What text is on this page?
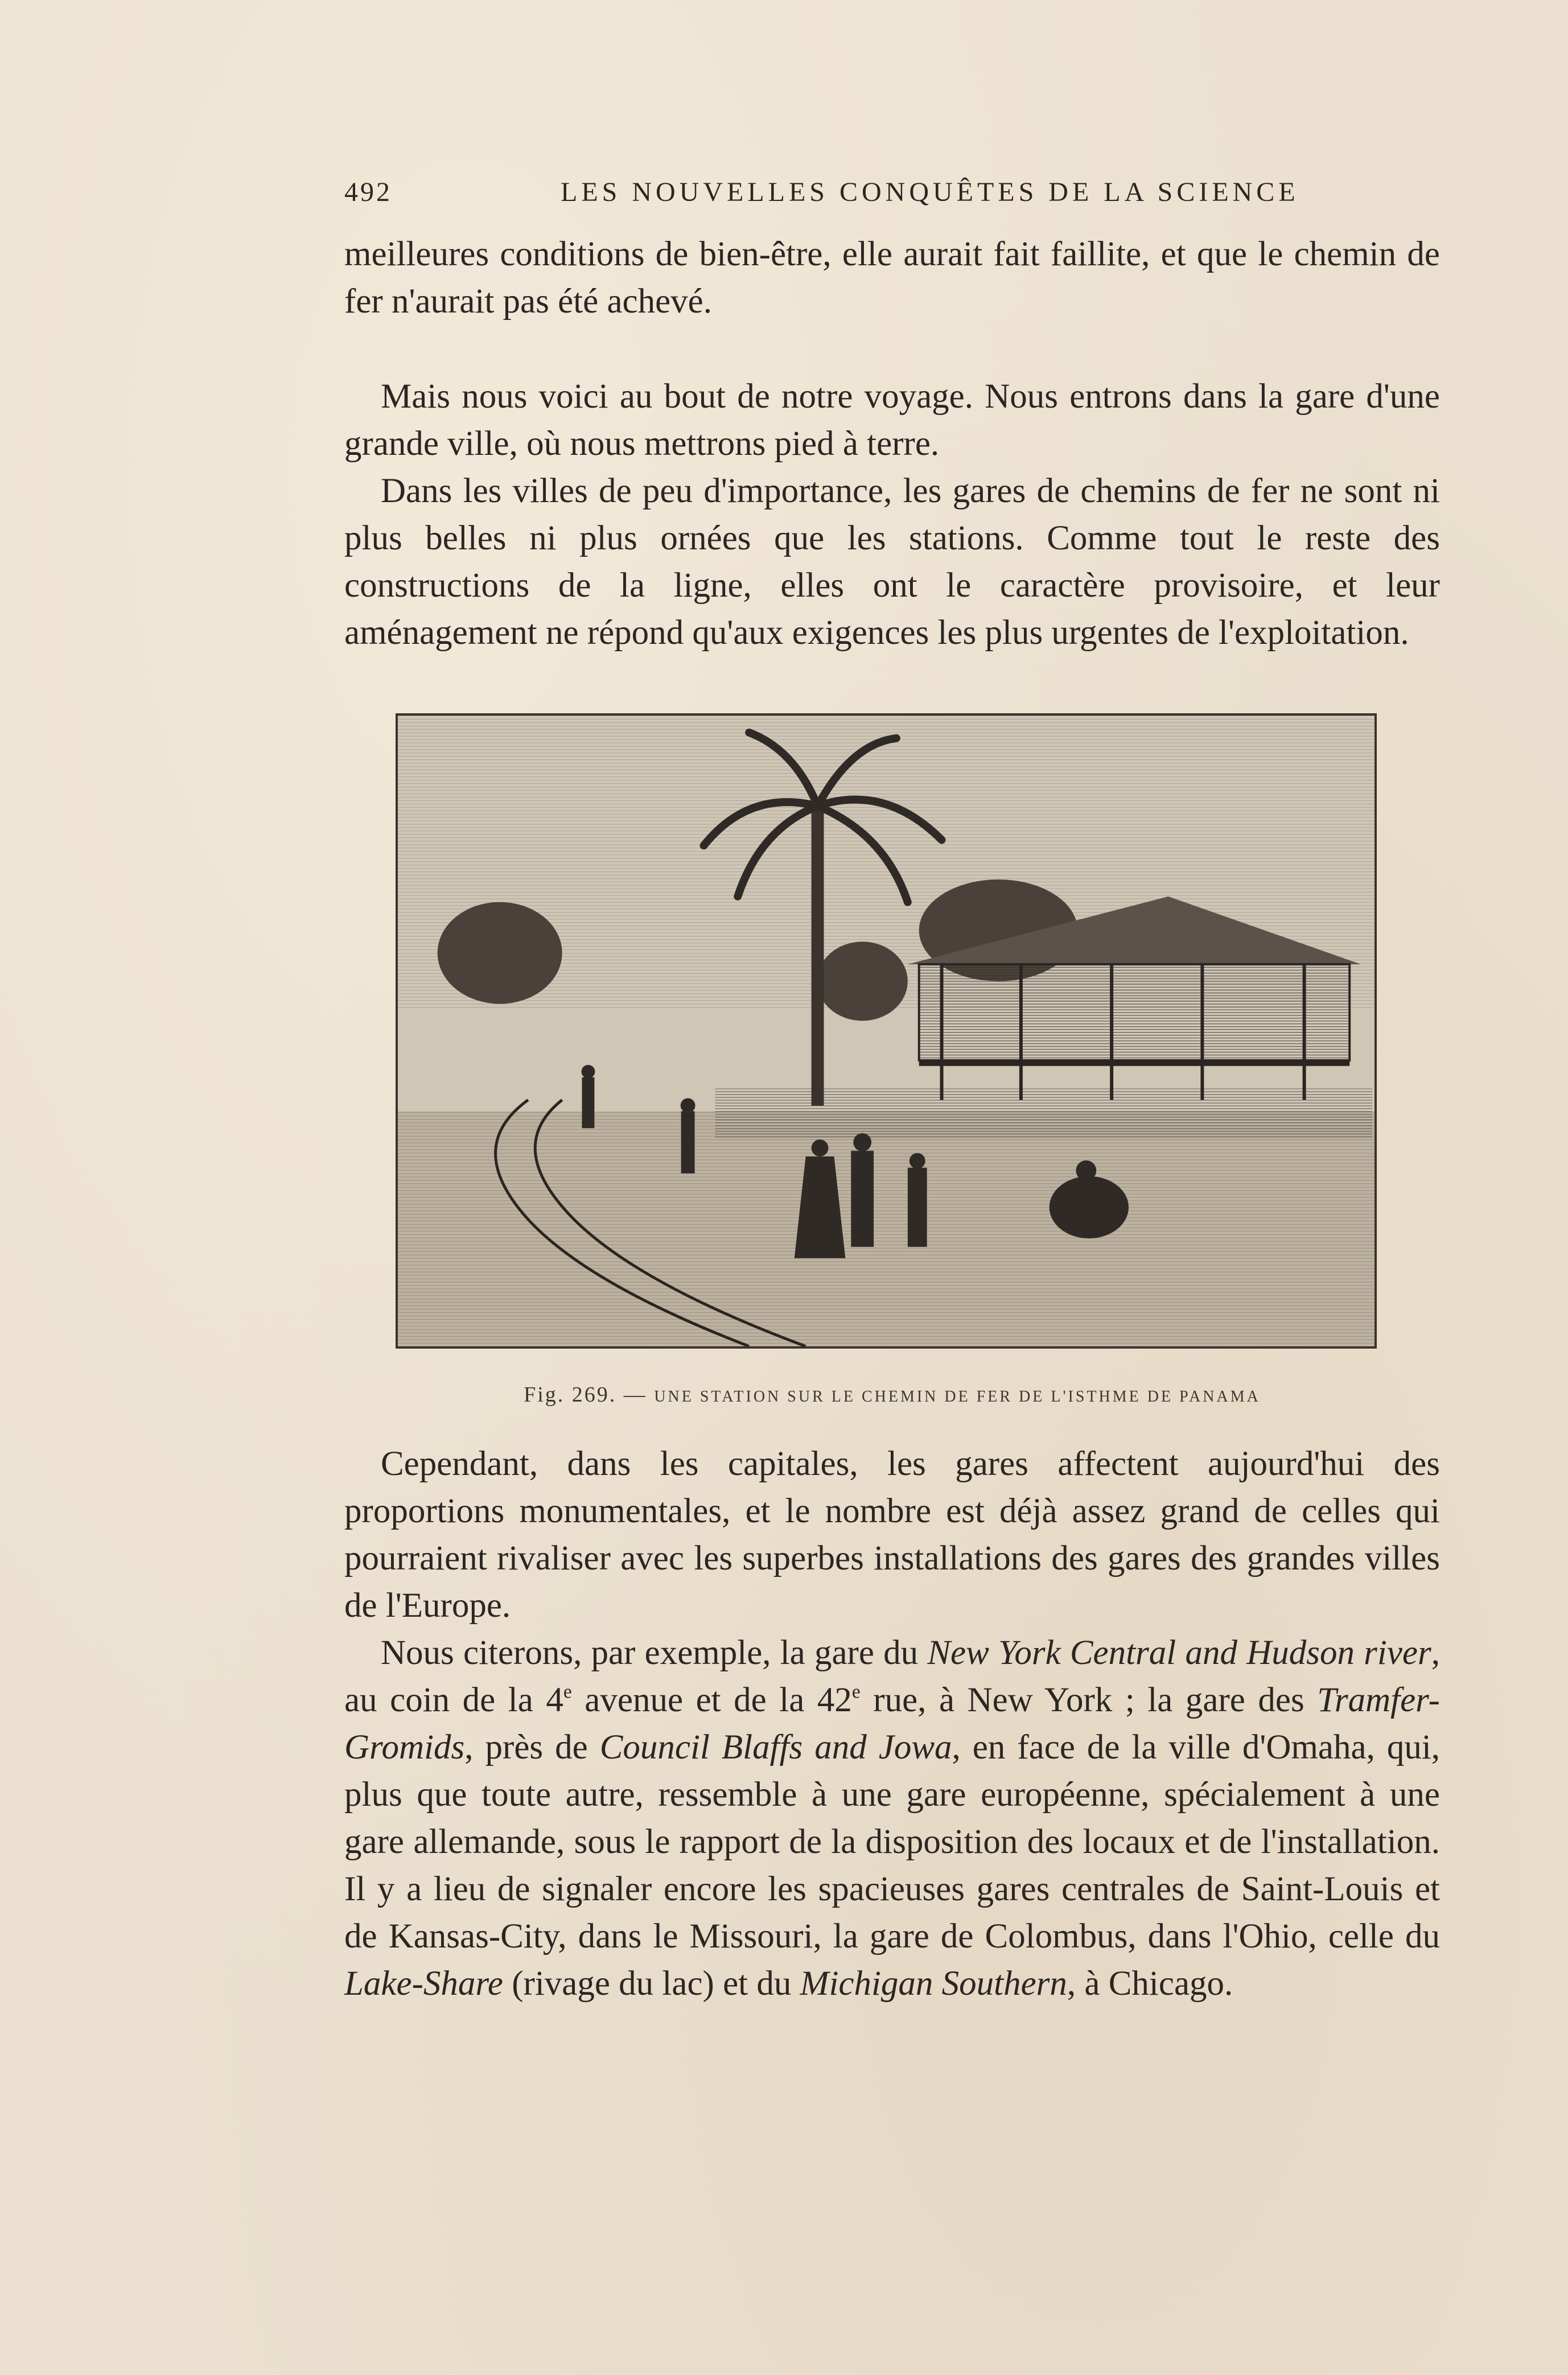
492	LES NOUVELLES CONQUÊTES DE LA SCIENCE

meilleures conditions de bien-être, elle aurait fait faillite, et que le chemin de fer n'aurait pas été achevé.

Mais nous voici au bout de notre voyage. Nous entrons dans la gare d'une grande ville, où nous mettrons pied à terre.

Dans les villes de peu d'importance, les gares de chemins de fer ne sont ni plus belles ni plus ornées que les stations. Comme tout le reste des constructions de la ligne, elles ont le caractère provisoire, et leur aménagement ne répond qu'aux exigences les plus urgentes de l'exploitation.

Fig. 269. — UNE STATION SUR LE CHEMIN DE FER DE L'ISTHME DE PANAMA

Cependant, dans les capitales, les gares affectent aujourd'hui des proportions monumentales, et le nombre est déjà assez grand de celles qui pourraient rivaliser avec les superbes installations des gares des grandes villes de l'Europe.

Nous citerons, par exemple, la gare du New York Central and Hudson river, au coin de la 4e avenue et de la 42e rue, à New York ; la gare des Tramfer-Gromids, près de Council Blaffs and Jowa, en face de la ville d'Omaha, qui, plus que toute autre, ressemble à une gare européenne, spécialement à une gare allemande, sous le rapport de la disposition des locaux et de l'installation. Il y a lieu de signaler encore les spacieuses gares centrales de Saint-Louis et de Kansas-City, dans le Missouri, la gare de Colombus, dans l'Ohio, celle du Lake-Share (rivage du lac) et du Michigan Southern, à Chicago.
